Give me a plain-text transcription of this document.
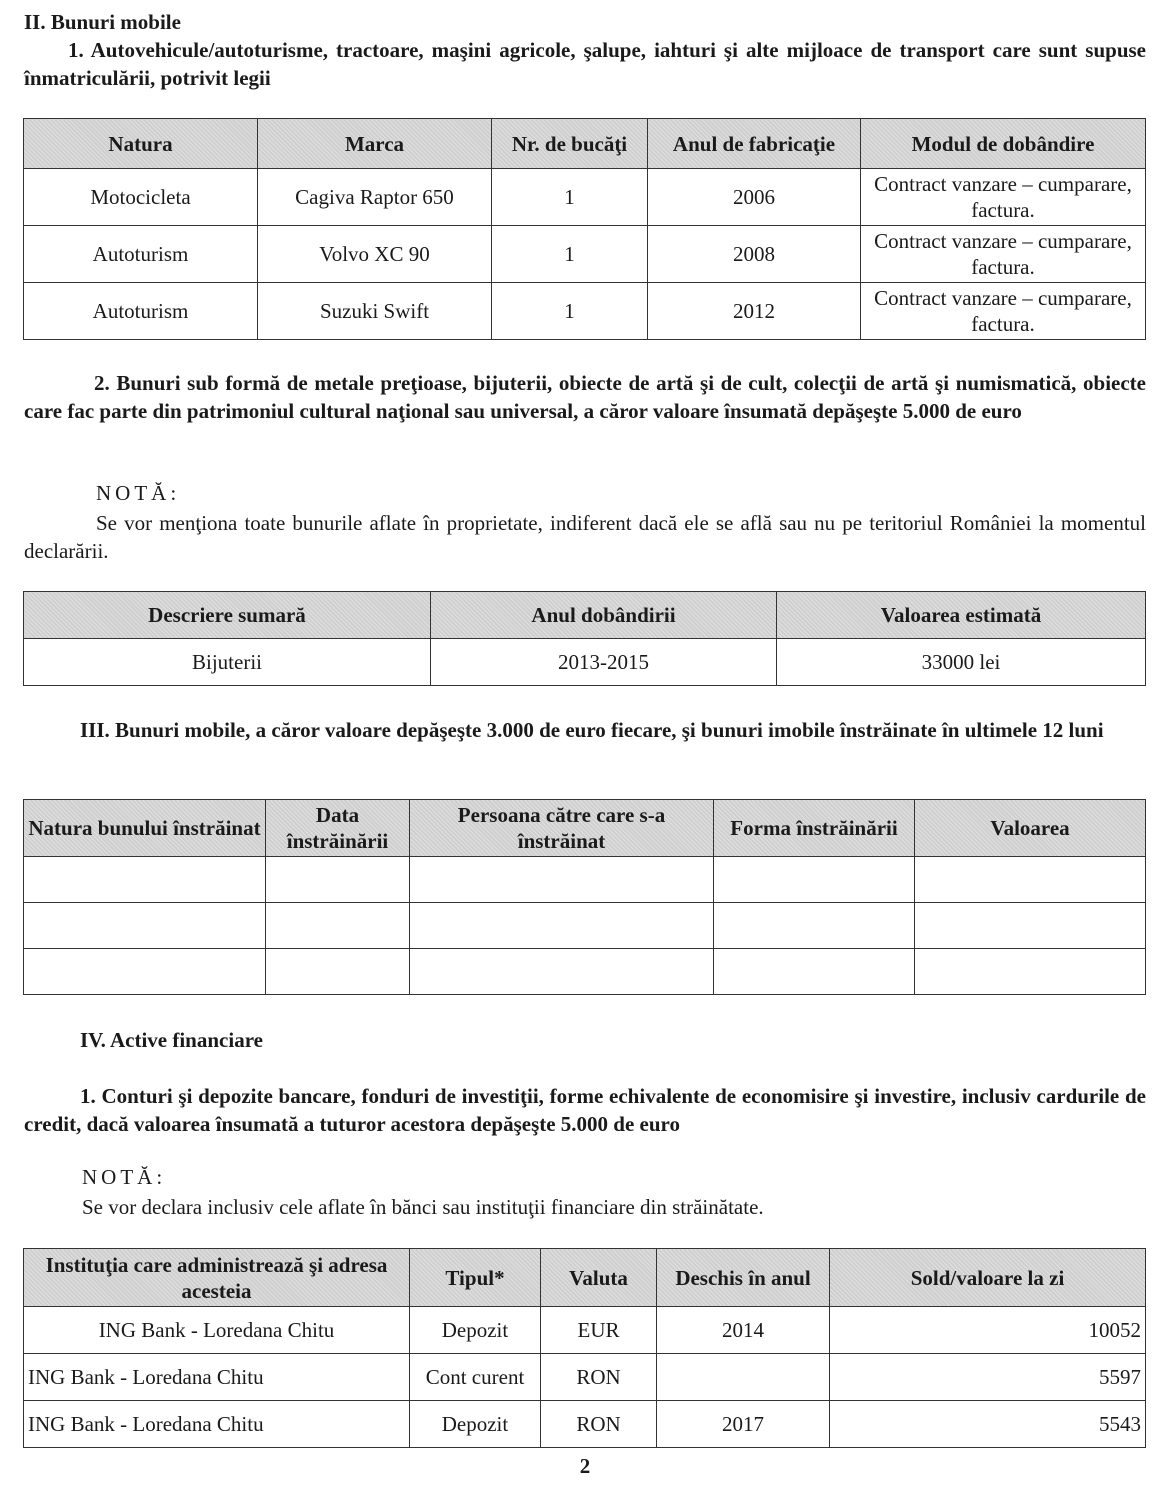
II. Bunuri mobile
1. Autovehicule/autoturisme, tractoare, maşini agricole, şalupe, iahturi şi alte mijloace de transport care sunt supuse înmatriculării, potrivit legii
Natura	Marca	Nr. de bucăţi	Anul de fabricaţie	Modul de dobândire
Motocicleta	Cagiva Raptor 650	1	2006	Contract vanzare – cumparare, factura.
Autoturism	Volvo XC 90	1	2008	Contract vanzare – cumparare, factura.
Autoturism	Suzuki Swift	1	2012	Contract vanzare – cumparare, factura.
2. Bunuri sub formă de metale preţioase, bijuterii, obiecte de artă şi de cult, colecţii de artă şi numismatică, obiecte care fac parte din patrimoniul cultural naţional sau universal, a căror valoare însumată depăşeşte 5.000 de euro
NOTĂ:
Se vor menţiona toate bunurile aflate în proprietate, indiferent dacă ele se află sau nu pe teritoriul României la momentul declarării.
Descriere sumară	Anul dobândirii	Valoarea estimată
Bijuterii	2013-2015	33000 lei
III. Bunuri mobile, a căror valoare depăşeşte 3.000 de euro fiecare, şi bunuri imobile înstrăinate în ultimele 12 luni
Natura bunului înstrăinat	Data înstrăinării	Persoana către care s-a înstrăinat	Forma înstrăinării	Valoarea

IV. Active financiare
1. Conturi şi depozite bancare, fonduri de investiţii, forme echivalente de economisire şi investire, inclusiv cardurile de credit, dacă valoarea însumată a tuturor acestora depăşeşte 5.000 de euro
NOTĂ:
Se vor declara inclusiv cele aflate în bănci sau instituţii financiare din străinătate.
Instituţia care administrează şi adresa acesteia	Tipul*	Valuta	Deschis în anul	Sold/valoare la zi
ING Bank - Loredana Chitu	Depozit	EUR	2014	10052
ING Bank - Loredana Chitu	Cont curent	RON		5597
ING Bank - Loredana Chitu	Depozit	RON	2017	5543
2
